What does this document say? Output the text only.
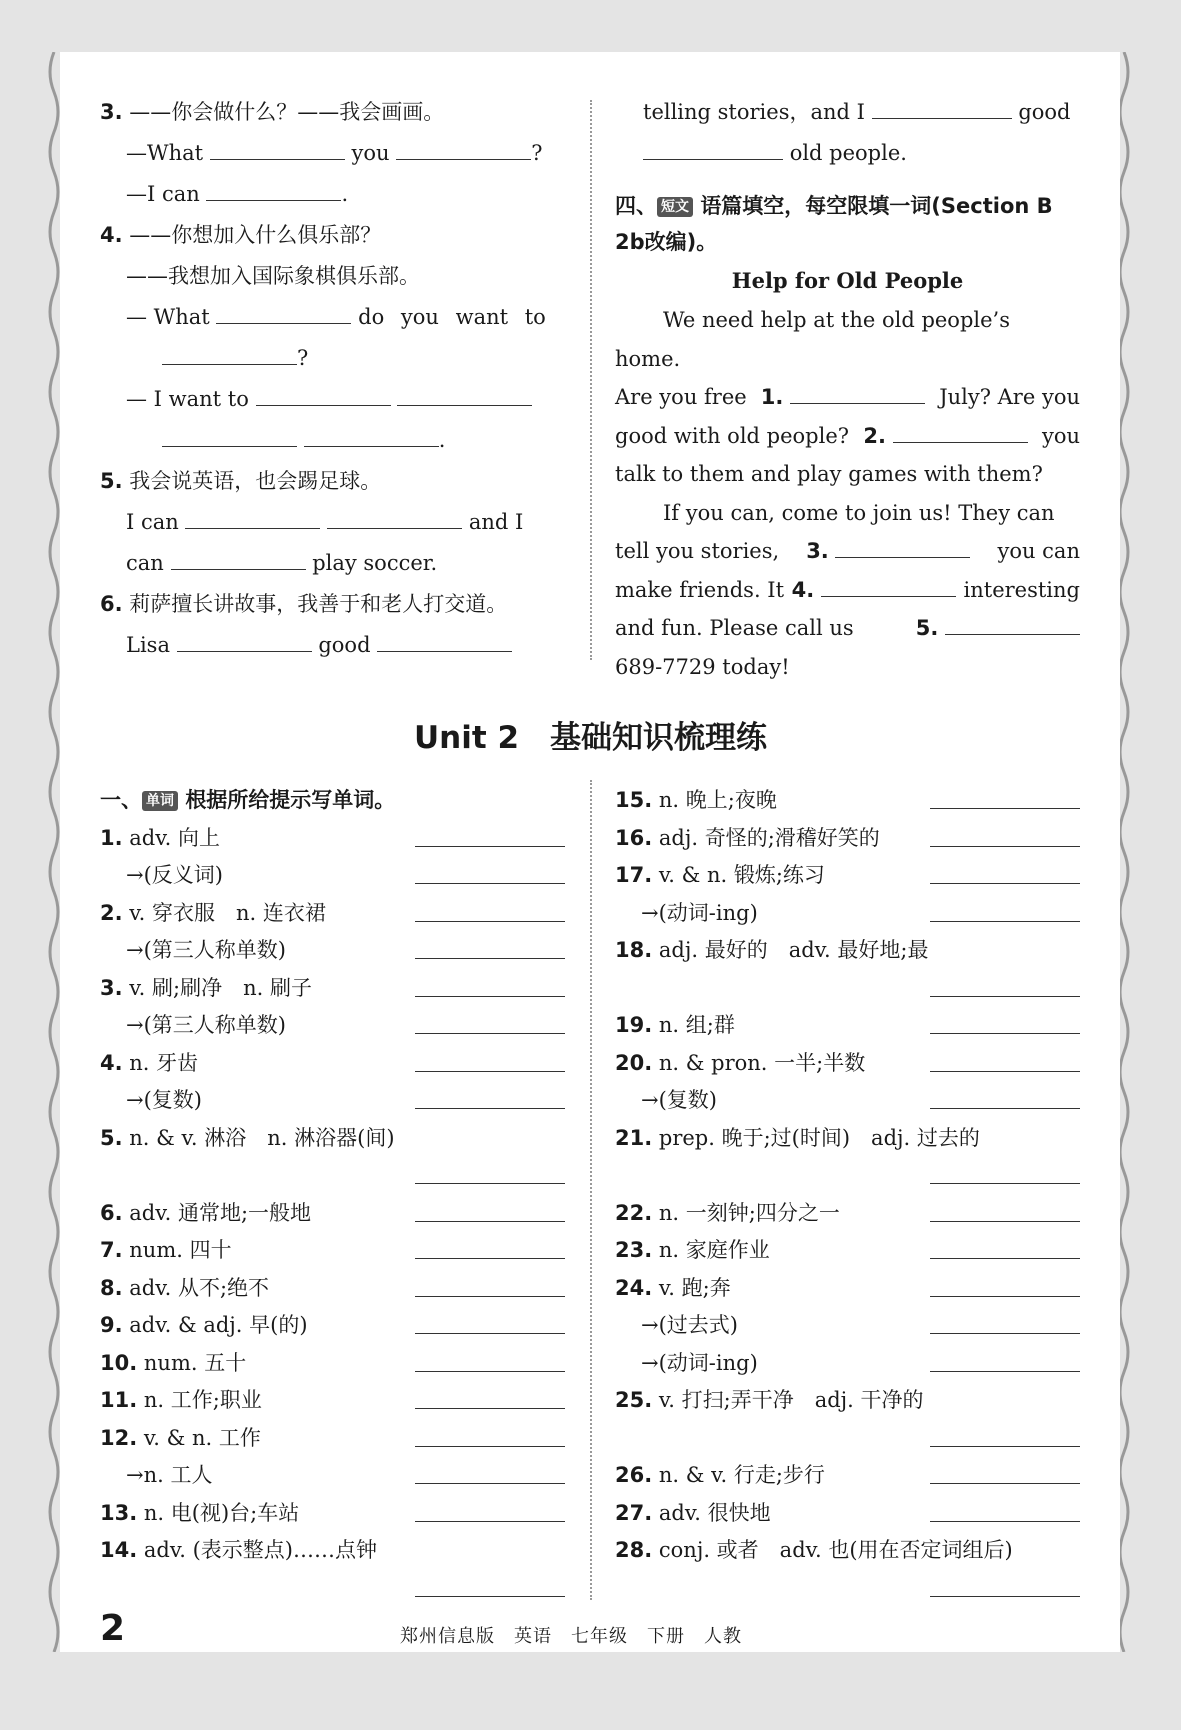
3. ——你会做什么？——我会画画。
—What	you	?
—I can	.
4. ——你想加入什么俱乐部？
——我想加入国际象棋俱乐部。
— What	do you want to
?
— I want to
.
5. 我会说英语，也会踢足球。
I can	and I
can	play soccer.
6. 莉萨擅长讲故事，我善于和老人打交道。
Lisa	good
telling stories，and I	good
old people.
四、 短文 语篇填空，每空限填一词(Section B 2b改编)。
Help for Old People
We need help at the old people’s home.
Are you free 1.	July? Are you
good with old people? 2.	you
talk to them and play games with them?
If you can, come to join us! They can
tell you stories, 3.	you can
make friends. It 4.	interesting
and fun. Please call us	5.
689-7729 today!
Unit 2　基础知识梳理练
一、 单词 根据所给提示写单词。
1. adv. 向上
→(反义词)
2. v. 穿衣服　n. 连衣裙
→(第三人称单数)
3. v. 刷;刷净　n. 刷子
→(第三人称单数)
4. n. 牙齿
→(复数)
5. n. & v. 淋浴　n. 淋浴器(间)
6. adv. 通常地;一般地
7. num. 四十
8. adv. 从不;绝不
9. adv. & adj. 早(的)
10. num. 五十
11. n. 工作;职业
12. v. & n. 工作
→n. 工人
13. n. 电(视)台;车站
14. adv. (表示整点)……点钟
15. n. 晚上;夜晚
16. adj. 奇怪的;滑稽好笑的
17. v. & n. 锻炼;练习
→(动词-ing)
18. adj. 最好的　adv. 最好地;最
19. n. 组;群
20. n. & pron. 一半;半数
→(复数)
21. prep. 晚于;过(时间)　adj. 过去的
22. n. 一刻钟;四分之一
23. n. 家庭作业
24. v. 跑;奔
→(过去式)
→(动词-ing)
25. v. 打扫;弄干净　adj. 干净的
26. n. & v. 行走;步行
27. adv. 很快地
28. conj. 或者　adv. 也(用在否定词组后)
2	郑州信息版　英语　七年级　下册　人教
